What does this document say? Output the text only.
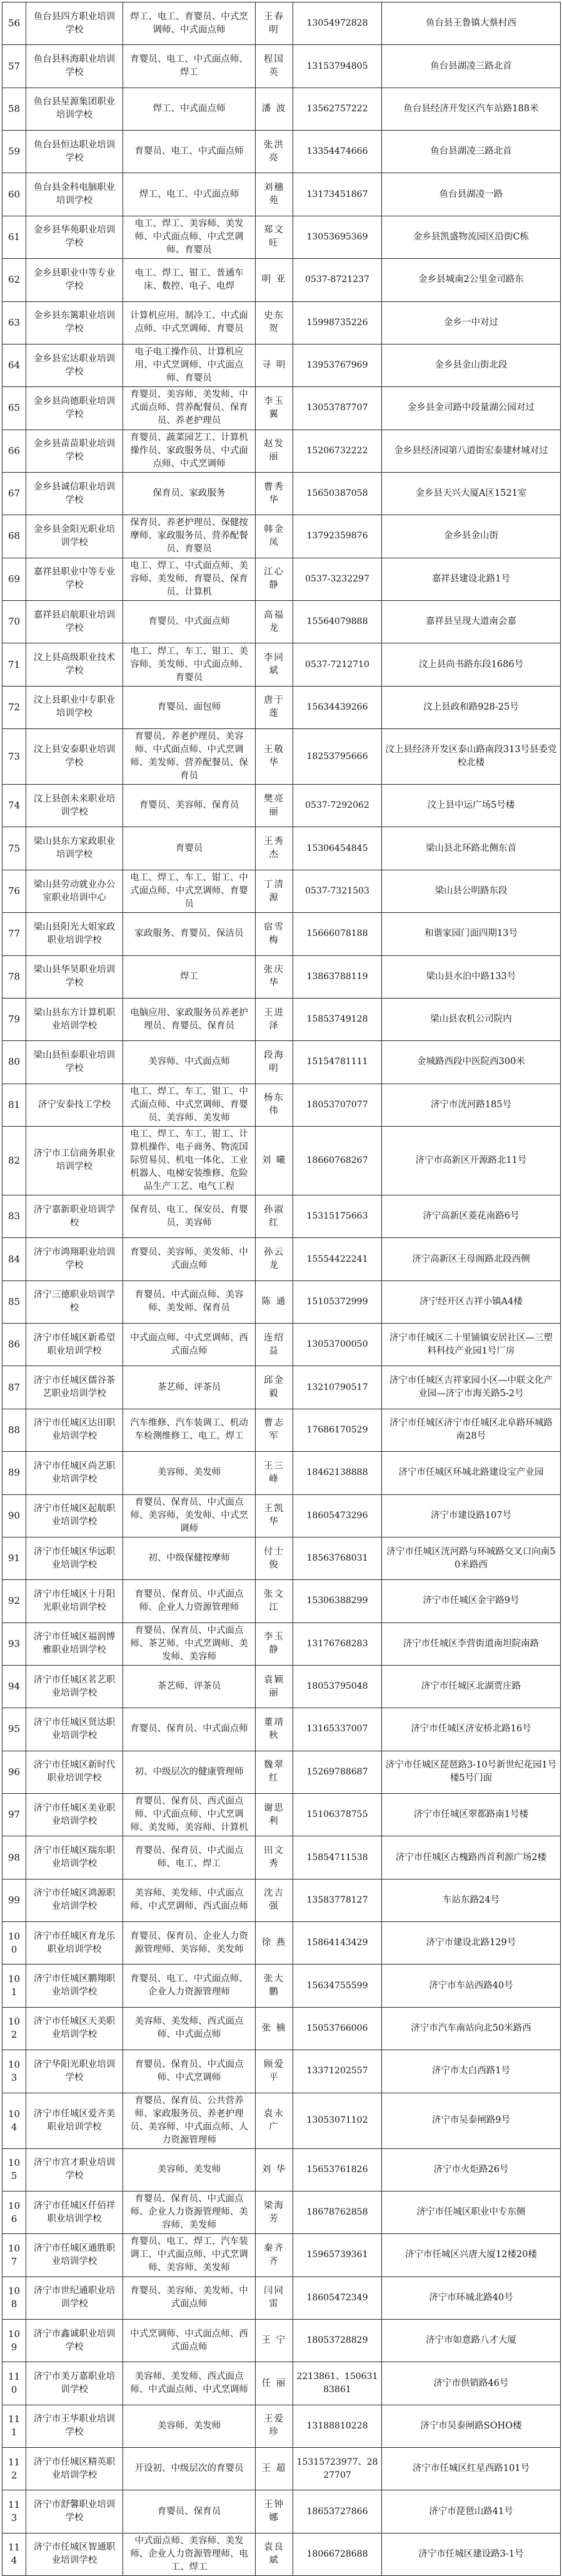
56	鱼台县四方职业培训学校	焊工、电工、育婴员、中式烹调师、中式面点师	王春明	13054972828	鱼台县王鲁镇大蔡村西
57	鱼台县科海职业培训学校	育婴员、电工、中式面点师、焊工	程国英	13153794805	鱼台县湖凌三路北首
58	鱼台县星源集团职业培训学校	焊工、中式面点师	潘 波	13562757222	鱼台县经济开发区汽车站路188米
59	鱼台县恒达职业培训学校	育婴员、电工、中式面点师	张洪亮	13354474666	鱼台县湖凌三路北首
60	鱼台县金科电脑职业培训学校	焊工、电工、中式面点师	刘穗苑	13173451867	鱼台县湖凌一路
61	金乡县华苑职业培训学校	电工、焊工、美容师、美发师、中式面点师、中式烹调师、育婴员	郑文旺	13053695369	金乡县凯盛物流园区沿街C栋
62	金乡县职业中等专业学校	电工、焊工、钳工、普通车床、数控、电子、电焊	明 亚	0537-8721237	金乡县城南2公里金司路东
63	金乡县东篱职业培训学校	计算机应用、制冷工、中式面点师、中式烹调师、育婴员	史东贺	15998735226	金乡一中对过
64	金乡县宏达职业培训学校	电子电工操作员、计算机应用、中式烹调师、中式面点师、育婴员	寻 明	13953767969	金乡县金山街北段
65	金乡县尚德职业培训学校	育婴员、美容师、美发师、中式面点师、营养配餐员、保育员、养老护理员	李玉翼	13053787707	金乡县金司路中段量湖公园对过
66	金乡县苗苗职业培训学校	育婴员、蔬菜园艺工、计算机操作员、家政服务员、中式面点师、中式烹调师	赵发丽	15206732222	金乡县经济园第八道街宏泰建材城对过
67	金乡县诚信职业培训学校	保育员、家政服务	曹秀华	15650387058	金乡县天兴大厦A区1521室
68	金乡县金阳光职业培训学校	保育员、养老护理员、保健按摩师、家政服务员、营养配餐员、育婴员	韩金凤	13792359876	金乡县金山街
69	嘉祥县职业中等专业学校	电工、焊工、中式面点师、美容师、美发师、育婴员、保育员、计算机	江心静	0537-3232297	嘉祥县建设北路1号
70	嘉祥县启航职业培训学校	育婴员、中式面点师	高福龙	15564079888	嘉祥县呈现大道南会嘉
71	汶上县高级职业技术学校	电工、焊工、车工、钳工、美容师、美发师、中式面点师、育婴员	李同斌	0537-7212710	汶上县尚书路东段1686号
72	汶上县职业中专职业培训学校	育婴员、面包师	唐于莲	15634439266	汶上县政和路928-25号
73	汶上县安泰职业培训学校	育婴员、养老护理员、美容师、中式面点师、中式烹调师、美发师、营养配餐员、保育员	王敬华	18253795666	汶上县经济开发区泰山路南段313号县委党校北楼
74	汶上县创未来职业培训学校	育婴员、美容师、保育员	樊亮丽	0537-7292062	汶上县中运广场5号楼
75	梁山县东方家政职业培训学校	育婴员	王秀杰	15306454845	梁山县北环路北侧东首
76	梁山县劳动就业办公室职业培训中心	电工、焊工、车工、钳工、中式面点师、中式烹调师、育婴员	丁清源	0537-7321503	梁山县公明路东段
77	梁山县阳光大姐家政职业培训学校	家政服务、育婴员、保洁员	宿雪梅	15666078188	和谐家园门面四期13号
78	梁山县华昊职业培训学校	焊工	张庆华	13863788119	梁山县水泊中路133号
79	梁山县东方计算机职业培训学校	电脑应用、家政服务员养老护理员、育婴员、保育员	王进泽	15853749128	梁山县农机公司院内
80	梁山县恒泰职业培训学校	美容师、中式面点师	段海明	15154781111	金城路西段中医院西300米
81	济宁安泰技工学校	电工、焊工、车工、钳工、中式面点师、中式烹调师、育婴员、美容师、美发师	杨东伟	18053707077	济宁市洸河路185号
82	济宁市工信商务职业培训学校	电工、焊工、车工、钳工、计算机操作、电子商务、物流国际贸易员、机电一体化、工业机器人、电梯安装维修、危险品生产工艺、电气工程	刘 曦	18660768267	济宁市高新区开源路北11号
83	济宁嘉新职业培训学校	保育员、电工、保安员、育婴员、美容师	孙淑红	15315175663	济宁高新区菱花南路6号
84	济宁市鸿翔职业培训学校	育婴员、美容师、美发师、中式面点师	孙云龙	15554422241	济宁高新区王母阁路北段西侧
85	济宁三德职业培训学校	育婴员、中式面点师、美容师、美发师、保育员	陈 通	15105372999	济宁经开区吉祥小镇A4楼
86	济宁市任城区新希望职业培训学校	中式面点师、中式烹调师、西式面点师	连绍益	13053700050	济宁市任城区二十里铺镇安居社区—三塑料科技产业园1号厂房
87	济宁市任城区儒谷茶艺职业培训学校	茶艺师、评茶员	邱金毅	13210790517	济宁市任城区吉祥家园小区—中联文化产业园—济宁市海关路5-2号
88	济宁市任城区达田职业培训学校	汽车维修、汽车装调工、机动车检测维修工、电工、焊工	曹志军	17686170529	济宁市任城区济宁市任城区北阜路环城路南28号
89	济宁市任城区尚艺职业培训学校	美容师、美发师	王三峰	18462138888	济宁市任城区环城北路建设宝产业园
90	济宁市任城区起航职业培训学校	育婴员、保育员、中式面点师、美容师、美发师、中式烹调师	王凯华	18605473296	济宁市建设路107号
91	济宁市任城区华远职业培训学校	初、中级保健按摩师	付士俊	18563768031	济宁市任城区洸河路与环城路交叉口向南50米路西
92	济宁市任城区十月阳光职业培训学校	育婴员、保育员、中式面点师、企业人力资源管理师	张文江	15306388299	济宁市任城区金宇路9号
93	济宁市任城区福润博雅职业培训学校	育婴员、保育员、中式面点师、茶艺师、中式烹调师、美发师、美容师	李玉静	13176768283	济宁市任城区李营街道南坦院南路
94	济宁市任城区茗艺职业培训学校	茶艺师、评茶员	袁颖丽	18053795048	济宁市任城区北湖贾庄路
95	济宁市任城区贤达职业培训学校	育婴员、保育员、中式面点师	董靖秋	13165337007	济宁市任城区济安桥北路16号
96	济宁市任城区新时代职业培训学校	初、中级层次的健康管理师	魏翠红	15269788687	济宁市任城区琵琶路3-10号新世纪花园1号楼5号门面
97	济宁市任城区美业职业培训学校	育婴员、保育员、西式面点师、中式面点师、中式烹调师、美发师、美容师、计算机	谢思利	15106378755	济宁市任城区翠都路南1号楼
98	济宁市任城区瑞东职业培训学校	育婴员、保育员、中式面点师、电工、焊工	田文秀	15854711538	济宁市任城区古槐路西首利源广场2楼
99	济宁市任城区鸿源职业培训学校	美容师、美发师、中式面点师、中式烹调师、西式面点师	沈吉强	13583778127	车站东路24号
100	济宁市任城区育龙乐职业培训学校	育婴员、保育员、企业人力资源管理师、美容师、美发师	徐 燕	15864143429	济宁市建设北路129号
101	济宁市任城区鹏翔职业培训学校	育婴员、电工、中式面点师、企业人力资源管理师	张大鹏	15634755599	济宁市车站西路40号
102	济宁市任城区天美职业培训学校	美容师、美发师、西式面点师、中式面点师	张 楠	15053766006	济宁市汽车南站向北50米路西
103	济宁华阳光职业培训学校	育婴员、保育员、中式面点师、中式烹调师	顾爱平	13371202557	济宁市太白西路1号
104	济宁市任城区爱齐美职业培训学校	育婴员、保育员、公共营养师、家政服务员、养老护理员、美容师、中式面点师、人力资源管理师	袁永广	13053071102	济宁市吴泰闸路9号
105	济宁市宫才职业培训学校	美容师、美发师	刘 华	15653761826	济宁市火炬路26号
106	济宁市任城区仟佰祥职业培训学校	育婴员、保育员、中式面点师、企业人力资源管理师、美容师、美发师	梁海芳	18678762858	济宁市任城区职业中专东侧
107	济宁市任城区通胜职业培训学校	育婴员、电工、焊工、汽车装调工、中式面点师、中式烹调师、美容师、美发师	秦齐齐	15965739361	济宁市任城区兴唐大厦12楼20楼
108	济宁市世纪通职业培训学校	育婴员、美容师、美发师、中式面点师	闫同雷	18605472349	济宁市环城北路40号
109	济宁市鑫诚职业培训学校	中式烹调师、中式面点师、西式面点师	王 宁	18053728829	济宁市如意路八才大厦
110	济宁市美万嘉职业培训学校	美容师、美发师、西式面点师、中式面点师、中式烹调师	任 丽	2213861、15063183861	济宁市供销路46号
111	济宁市王华职业培训学校	美容师、美发师	王爱珍	13188810228	济宁市吴泰闸路SOHO楼
112	济宁市任城区精英职业培训学校	开设初、中级层次的育婴员	王 超	15315723977、2827707	济宁市任城区红星西路101号
113	济宁市舒馨职业培训学校	育婴员、保育员	王钟娜	18653727866	济宁市琵琶山路41号
114	济宁市任城区智通职业培训学校	中式面点师、美容师、美发师、企业人力资源管理师、电工、焊工	袁良斌	18066728688	济宁市任城区建设路3-1号
